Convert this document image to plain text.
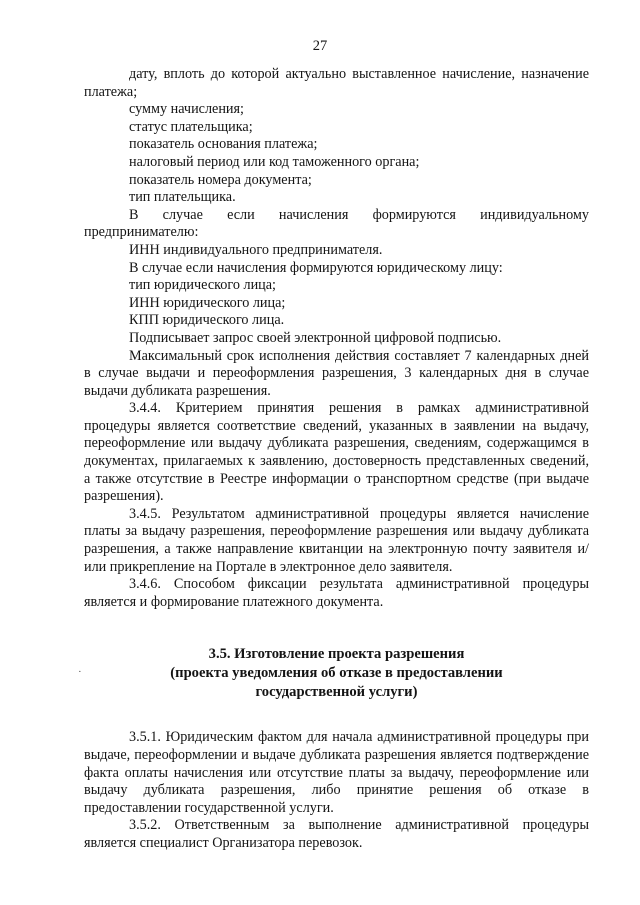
27
·

дату, вплоть до которой актуально выставленное начисление, назначение платежа;

сумму начисления;

статус плательщика;

показатель основания платежа;

налоговый период или код таможенного органа;

показатель номера документа;

тип плательщика.

В случае если начисления формируются индивидуальному предпринимателю:

ИНН индивидуального предпринимателя.

В случае если начисления формируются юридическому лицу:

тип юридического лица;

ИНН юридического лица;

КПП юридического лица.

Подписывает запрос своей электронной цифровой подписью.

Максимальный срок исполнения действия составляет 7 календарных дней в случае выдачи и переоформления разрешения, 3 календарных дня в случае выдачи дубликата разрешения.

3.4.4. Критерием принятия решения в рамках административной процедуры является соответствие сведений, указанных в заявлении на выдачу, переоформление или выдачу дубликата разрешения, сведениям, содержащимся в документах, прилагаемых к заявлению, достоверность представленных сведений, а также отсутствие в Реестре информации о транспортном средстве (при выдаче разрешения).

3.4.5. Результатом административной процедуры является начисление платы за выдачу разрешения, переоформление разрешения или выдачу дубликата разрешения, а также направление квитанции на электронную почту заявителя и/или прикрепление на Портале в электронное дело заявителя.

3.4.6. Способом фиксации результата административной процедуры является и формирование платежного документа.

3.5. Изготовление проекта разрешения
(проекта уведомления об отказе в предоставлении
государственной услуги)

3.5.1. Юридическим фактом для начала административной процедуры при выдаче, переоформлении и выдаче дубликата разрешения является подтверждение факта оплаты начисления или отсутствие платы за выдачу, переоформление или выдачу дубликата разрешения, либо принятие решения об отказе в предоставлении государственной услуги.

3.5.2. Ответственным за выполнение административной процедуры является специалист Организатора перевозок.
